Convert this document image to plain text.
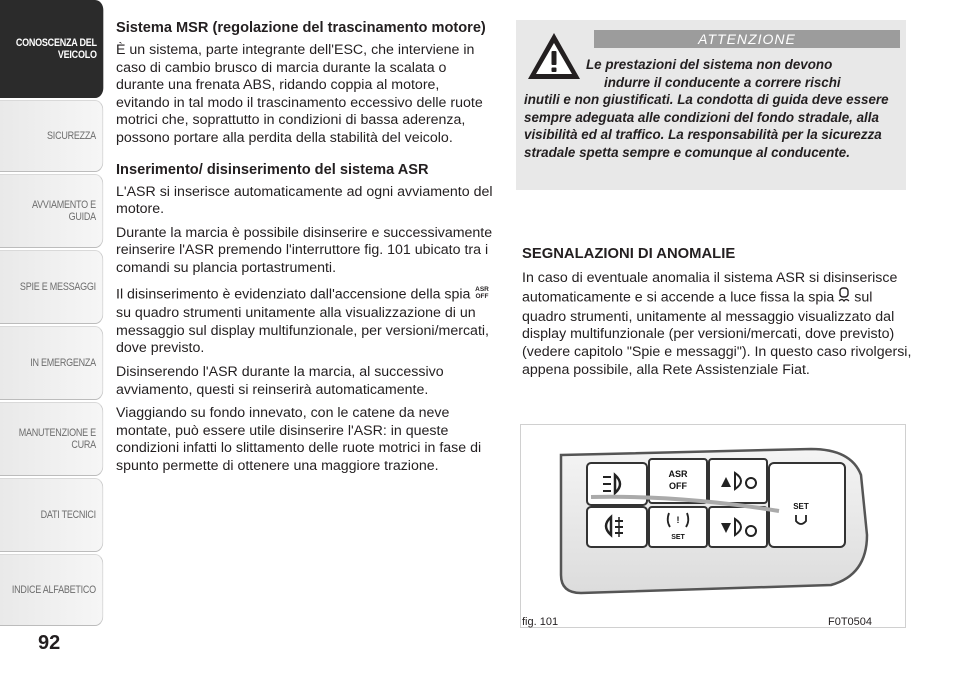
CONOSCENZA DEL
VEICOLO
SICUREZZA
AVVIAMENTO E
GUIDA
SPIE E MESSAGGI
IN EMERGENZA
MANUTENZIONE E
CURA
DATI TECNICI
INDICE ALFABETICO
92
Sistema MSR (regolazione del trascinamento motore)

È un sistema, parte integrante dell'ESC, che interviene in caso di cambio brusco di marcia durante la scalata o durante una frenata ABS, ridando coppia al motore, evitando in tal modo il trascinamento eccessivo delle ruote motrici che, soprattutto in condizioni di bassa aderenza, possono portare alla perdita della stabilità del veicolo.

Inserimento/ disinserimento del sistema ASR

L'ASR si inserisce automaticamente ad ogni avviamento del motore.

Durante la marcia è possibile disinserire e successivamente reinserire l'ASR premendo l'interruttore fig. 101 ubicato tra i comandi su plancia portastrumenti.

Il disinserimento è evidenziato dall'accensione della spia ASR
OFF
su quadro strumenti unitamente alla visualizzazione di un messaggio sul display multifunzionale, per versioni/mercati, dove previsto.

Disinserendo l'ASR durante la marcia, al successivo avviamento, questi si reinserirà automaticamente.

Viaggiando su fondo innevato, con le catene da neve montate, può essere utile disinserire l'ASR: in queste condizioni infatti lo slittamento delle ruote motrici in fase di spunto permette di ottenere una maggiore trazione.

ATTENZIONE
Le prestazioni del sistema non devono
indurre il conducente a correre rischi
inutili e non giustificati. La condotta di guida deve essere sempre adeguata alle condizioni del fondo stradale, alla visibilità ed al traffico. La responsabilità per la sicurezza stradale spetta sempre e comunque al conducente.
SEGNALAZIONI DI ANOMALIE

In caso di eventuale anomalia il sistema ASR si disinserisce automaticamente e si accende a luce fissa la spia sul quadro strumenti, unitamente al messaggio visualizzato dal display multifunzionale (per versioni/mercati, dove previsto) (vedere capitolo "Spie e messaggi"). In questo caso rivolgersi, appena possibile, alla Rete Assistenziale Fiat.

ASR
OFF
!
SET
SET
fig. 101	F0T0504
